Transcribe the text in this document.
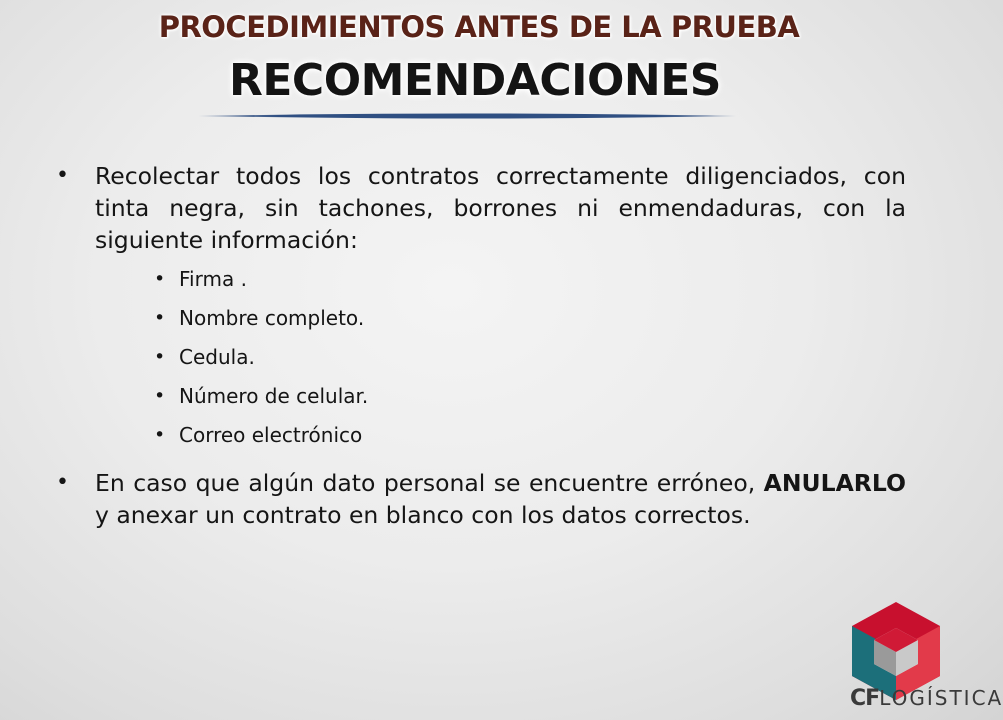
PROCEDIMIENTOS ANTES DE LA PRUEBA
RECOMENDACIONES
• Recolectar todos los contratos correctamente diligenciados, con tinta negra, sin tachones, borrones ni enmendaduras, con la siguiente información:
• Firma .
• Nombre completo.
• Cedula.
• Número de celular.
• Correo electrónico
• En caso que algún dato personal se encuentre erróneo, ANULARLO y anexar un contrato en blanco con los datos correctos.
CFLOGÍSTICA
